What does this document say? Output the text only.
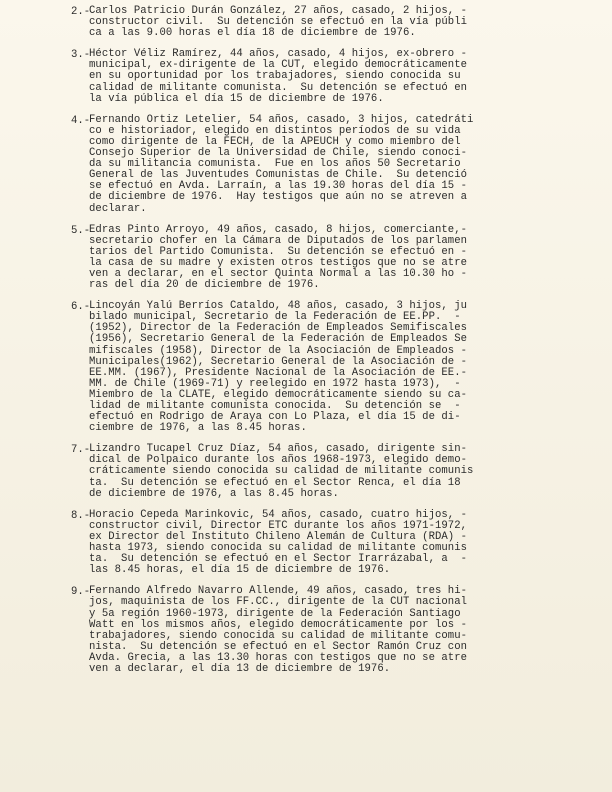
2.-
Carlos Patricio Durán González, 27 años, casado, 2 hijos, -
constructor civil.  Su detención se efectuó en la vía públi
ca a las 9.00 horas el día 18 de diciembre de 1976.
3.-
Héctor Véliz Ramírez, 44 años, casado, 4 hijos, ex-obrero -
municipal, ex-dirigente de la CUT, elegido democráticamente
en su oportunidad por los trabajadores, siendo conocida su
calidad de militante comunista.  Su detención se efectuó en
la vía pública el día 15 de diciembre de 1976.
4.-
Fernando Ortiz Letelier, 54 años, casado, 3 hijos, catedráti
co e historiador, elegido en distintos períodos de su vida
como dirigente de la FECH, de la APEUCH y como miembro del
Consejo Superior de la Universidad de Chile, siendo conoci-
da su militancia comunista.  Fue en los años 50 Secretario
General de las Juventudes Comunistas de Chile.  Su detenció
se efectuó en Avda. Larraín, a las 19.30 horas del día 15 -
de diciembre de 1976.  Hay testigos que aún no se atreven a
declarar.
5.-
Edras Pinto Arroyo, 49 años, casado, 8 hijos, comerciante,-
secretario chofer en la Cámara de Diputados de los parlamen
tarios del Partido Comunista.  Su detención se efectuó en -
la casa de su madre y existen otros testigos que no se atre
ven a declarar, en el sector Quinta Normal a las 10.30 ho -
ras del día 20 de diciembre de 1976.
6.-
Lincoyán Yalú Berríos Cataldo, 48 años, casado, 3 hijos, ju
bilado municipal, Secretario de la Federación de EE.PP.  -
(1952), Director de la Federación de Empleados Semifiscales
(1956), Secretario General de la Federación de Empleados Se
mifiscales (1958), Director de la Asociación de Empleados -
Municipales(1962), Secretario General de la Asociación de -
EE.MM. (1967), Presidente Nacional de la Asociación de EE.-
MM. de Chile (1969-71) y reelegido en 1972 hasta 1973),  -
Miembro de la CLATE, elegido democráticamente siendo su ca-
lidad de militante comunista conocida.  Su detención se  -
efectuó en Rodrigo de Araya con Lo Plaza, el día 15 de di-
ciembre de 1976, a las 8.45 horas.
7.-
Lizandro Tucapel Cruz Díaz, 54 años, casado, dirigente sin-
dical de Polpaico durante los años 1968-1973, elegido demo-
cráticamente siendo conocida su calidad de militante comunis
ta.  Su detención se efectuó en el Sector Renca, el día 18
de diciembre de 1976, a las 8.45 horas.
8.-
Horacio Cepeda Marinkovic, 54 años, casado, cuatro hijos, -
constructor civil, Director ETC durante los años 1971-1972,
ex Director del Instituto Chileno Alemán de Cultura (RDA) -
hasta 1973, siendo conocida su calidad de militante comunis
ta.  Su detención se efectuó en el Sector Irarrázabal, a  -
las 8.45 horas, el día 15 de diciembre de 1976.
9.-
Fernando Alfredo Navarro Allende, 49 años, casado, tres hi-
jos, maquinista de los FF.CC., dirigente de la CUT nacional
y 5a región 1960-1973, dirigente de la Federación Santiago
Watt en los mismos años, elegido democráticamente por los -
trabajadores, siendo conocida su calidad de militante comu-
nista.  Su detención se efectuó en el Sector Ramón Cruz con
Avda. Grecia, a las 13.30 horas con testigos que no se atre
ven a declarar, el día 13 de diciembre de 1976.
